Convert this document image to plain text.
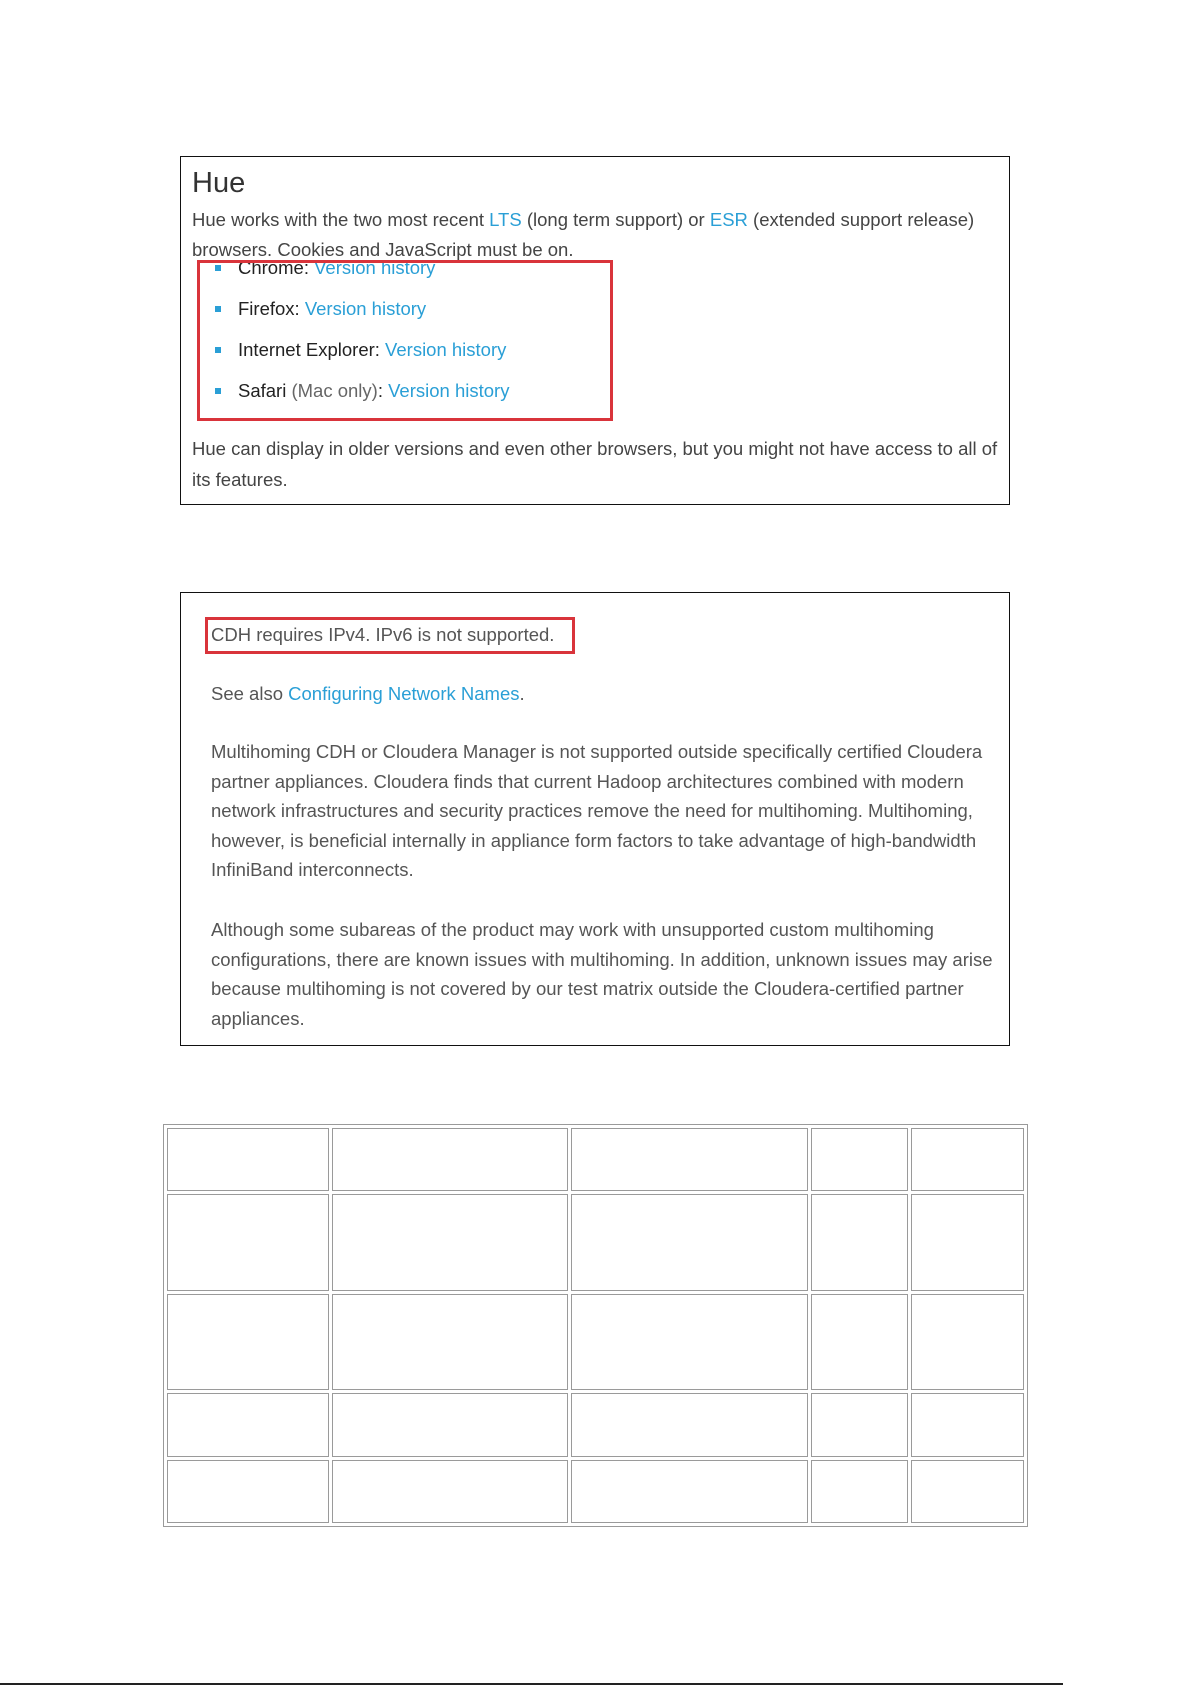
Hue

Hue works with the two most recent LTS (long term support) or ESR (extended support release) browsers. Cookies and JavaScript must be on.

Chrome: Version history
Firefox: Version history
Internet Explorer: Version history
Safari (Mac only): Version history

Hue can display in older versions and even other browsers, but you might not have access to all of its features.

CDH requires IPv4. IPv6 is not supported.

See also Configuring Network Names.

Multihoming CDH or Cloudera Manager is not supported outside specifically certified Cloudera partner appliances. Cloudera finds that current Hadoop architectures combined with modern network infrastructures and security practices remove the need for multihoming. Multihoming, however, is beneficial internally in appliance form factors to take advantage of high-bandwidth InfiniBand interconnects.

Although some subareas of the product may work with unsupported custom multihoming configurations, there are known issues with multihoming. In addition, unknown issues may arise because multihoming is not covered by our test matrix outside the Cloudera-certified partner appliances.
